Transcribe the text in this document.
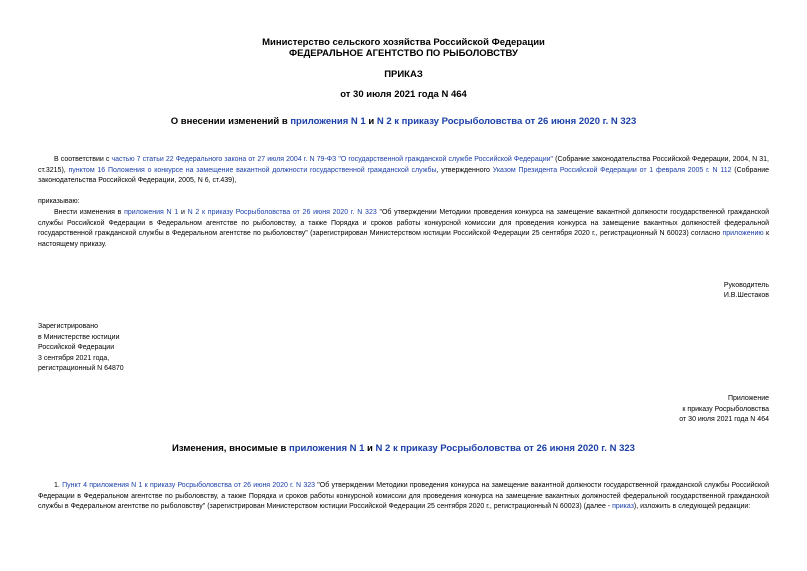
Министерство сельского хозяйства Российской Федерации
ФЕДЕРАЛЬНОЕ АГЕНТСТВО ПО РЫБОЛОВСТВУ
ПРИКАЗ
от 30 июля 2021 года N 464
О внесении изменений в приложения N 1 и N 2 к приказу Росрыболовства от 26 июня 2020 г. N 323
В соответствии с частью 7 статьи 22 Федерального закона от 27 июля 2004 г. N 79-ФЗ "О государственной гражданской службе Российской Федерации" (Собрание законодательства Российской Федерации, 2004, N 31, ст.3215), пунктом 16 Положения о конкурсе на замещение вакантной должности государственной гражданской службы, утвержденного Указом Президента Российской Федерации от 1 февраля 2005 г. N 112 (Собрание законодательства Российской Федерации, 2005, N 6, ст.439),
приказываю:
Внести изменения в приложения N 1 и N 2 к приказу Росрыболовства от 26 июня 2020 г. N 323 "Об утверждении Методики проведения конкурса на замещение вакантной должности государственной гражданской службы Российской Федерации в Федеральном агентстве по рыболовству, а также Порядка и сроков работы конкурсной комиссии для проведения конкурса на замещение вакантных должностей федеральной государственной гражданской службы в Федеральном агентстве по рыболовству" (зарегистрирован Министерством юстиции Российской Федерации 25 сентября 2020 г., регистрационный N 60023) согласно приложению к настоящему приказу.
Руководитель
И.В.Шестаков
Зарегистрировано
в Министерстве юстиции
Российской Федерации
3 сентября 2021 года,
регистрационный N 64870
Приложение
к приказу Росрыболовства
от 30 июля 2021 года N 464
Изменения, вносимые в приложения N 1 и N 2 к приказу Росрыболовства от 26 июня 2020 г. N 323
1. Пункт 4 приложения N 1 к приказу Росрыболовства от 26 июня 2020 г. N 323 "Об утверждении Методики проведения конкурса на замещение вакантной должности государственной гражданской службы Российской Федерации в Федеральном агентстве по рыболовству, а также Порядка и сроков работы конкурсной комиссии для проведения конкурса на замещение вакантных должностей федеральной государственной гражданской службы в Федеральном агентстве по рыболовству" (зарегистрирован Министерством юстиции Российской Федерации 25 сентября 2020 г., регистрационный N 60023) (далее - приказ), изложить в следующей редакции:
